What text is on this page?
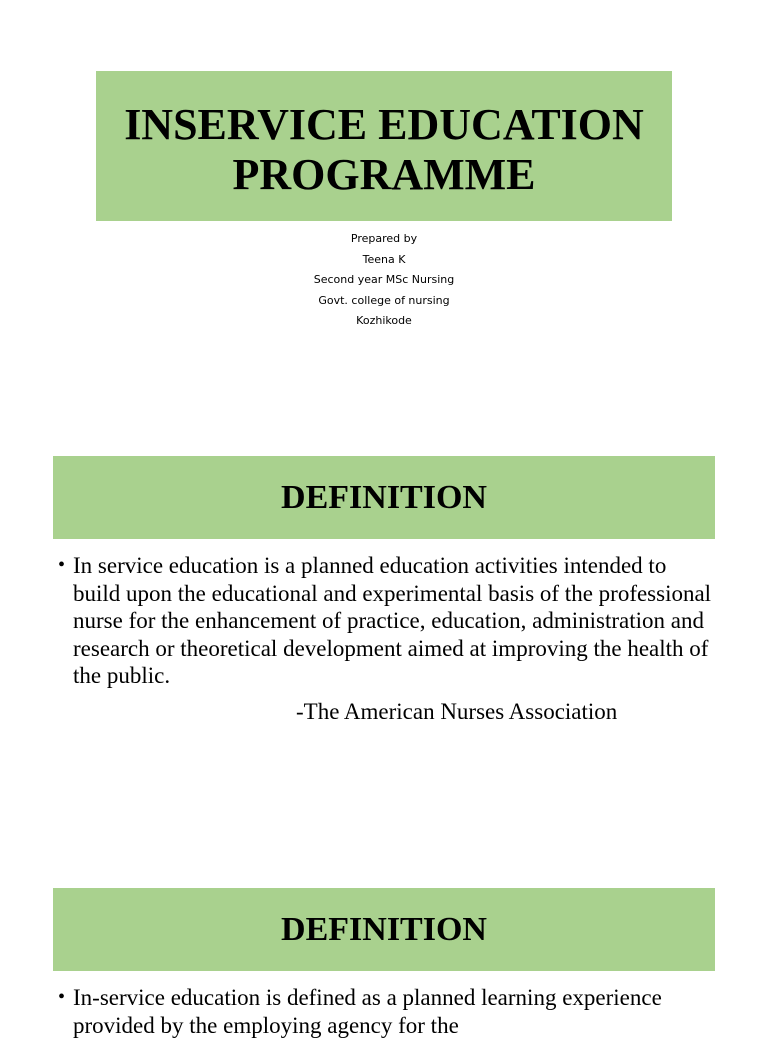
INSERVICE EDUCATION
PROGRAMME
Prepared by
Teena K
Second year MSc Nursing
Govt. college of nursing
Kozhikode
DEFINITION
• In service education is a planned education activities intended to build upon the educational and experimental basis of the professional nurse for the enhancement of practice, education, administration and research or theoretical development aimed at improving the health of the public.
-The American Nurses Association
DEFINITION
• In-service education is defined as a planned learning experience provided by the employing agency for the
